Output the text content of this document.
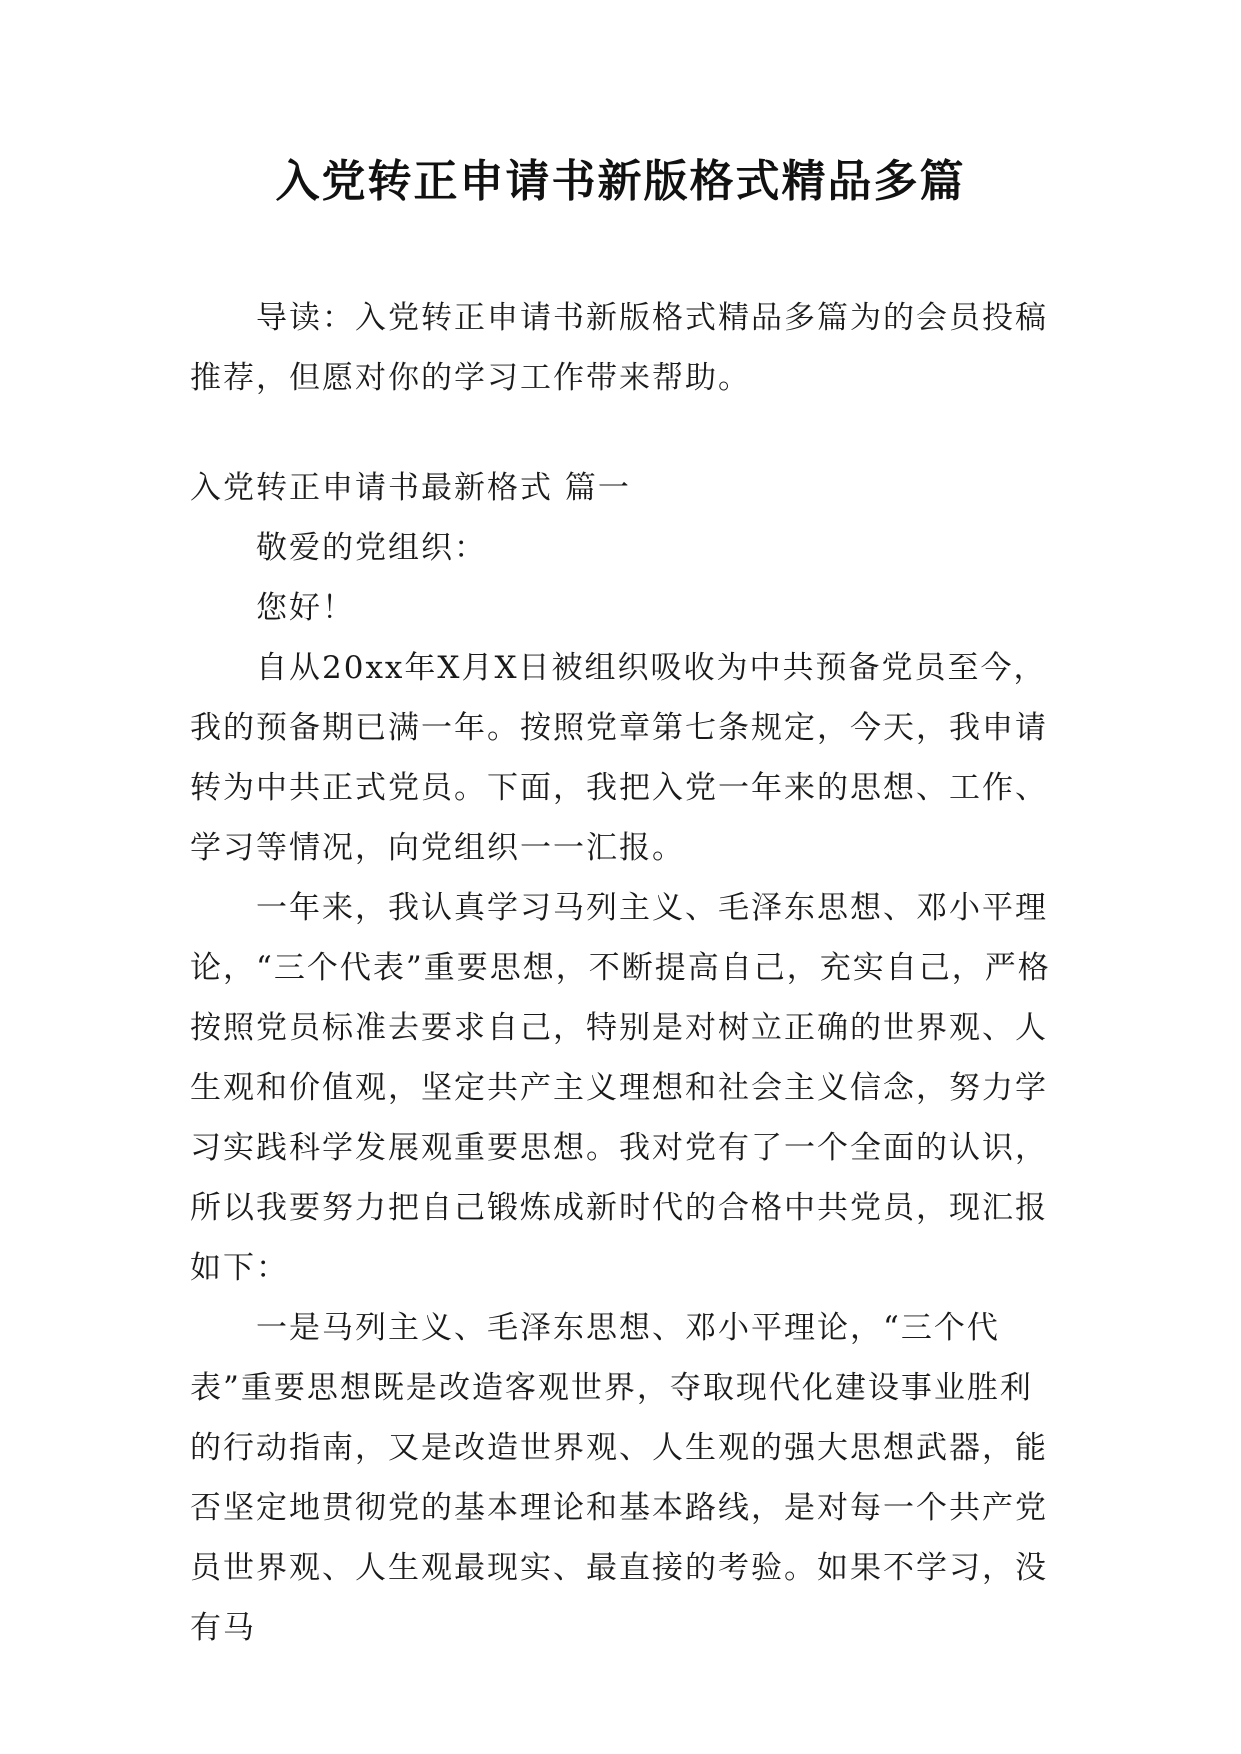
入党转正申请书新版格式精品多篇

导读：入党转正申请书新版格式精品多篇为的会员投稿推荐，但愿对你的学习工作带来帮助。

入党转正申请书最新格式 篇一

敬爱的党组织：

您好！

自从20xx年X月X日被组织吸收为中共预备党员至今，我的预备期已满一年。按照党章第七条规定，今天，我申请转为中共正式党员。下面，我把入党一年来的思想、工作、学习等情况，向党组织一一汇报。

一年来，我认真学习马列主义、毛泽东思想、邓小平理论，“三个代表”重要思想，不断提高自己，充实自己，严格按照党员标准去要求自己，特别是对树立正确的世界观、人生观和价值观，坚定共产主义理想和社会主义信念，努力学习实践科学发展观重要思想。我对党有了一个全面的认识，所以我要努力把自己锻炼成新时代的合格中共党员，现汇报如下：

一是马列主义、毛泽东思想、邓小平理论，“三个代表”重要思想既是改造客观世界，夺取现代化建设事业胜利的行动指南，又是改造世界观、人生观的强大思想武器，能否坚定地贯彻党的基本理论和基本路线，是对每一个共产党员世界观、人生观最现实、最直接的考验。如果不学习，没有马
